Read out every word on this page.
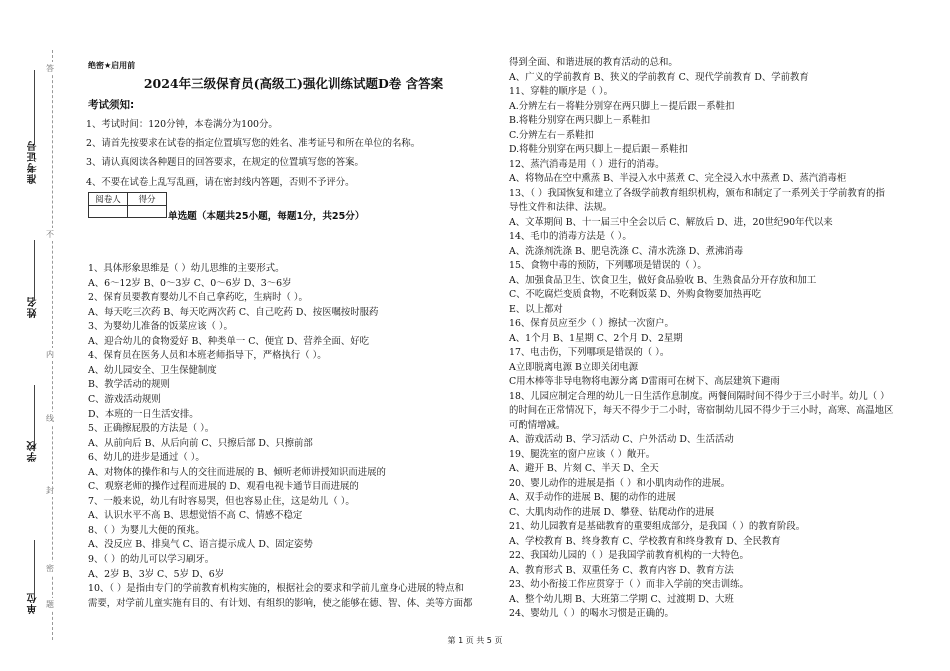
准考证号
姓名
学校
单位
答
不
内
线
封
密
题
绝密★启用前
2024年三级保育员(高级工)强化训练试题D卷 含答案
考试须知:
1、考试时间：120分钟，本卷满分为100分。
2、请首先按要求在试卷的指定位置填写您的姓名、准考证号和所在单位的名称。
3、请认真阅读各种题目的回答要求，在规定的位置填写您的答案。
4、不要在试卷上乱写乱画，请在密封线内答题，否则不予评分。
阅卷人	得分

单选题（本题共25小题，每题1分，共25分）
1、具体形象思维是（ ）幼儿思维的主要形式。
A、6～12岁 B、0～3岁 C、0～6岁 D、3～6岁
2、保育员要教育婴幼儿不自己拿药吃，生病时（ ）。
A、每天吃三次药 B、每天吃两次药 C、自己吃药 D、按医嘱按时服药
3、为婴幼儿准备的饭菜应该（ ）。
A、迎合幼儿的食物爱好 B、种类单一 C、便宜 D、营养全面、好吃
4、保育员在医务人员和本班老师指导下，严格执行（ ）。
A、幼儿园安全、卫生保健制度
B、教学活动的规则
C、游戏活动规则
D、本班的一日生活安排。
5、正确擦屁股的方法是（ ）。
A、从前向后 B、从后向前 C、只擦后部 D、只擦前部
6、幼儿的进步是通过（ ）。
A、对物体的操作和与人的交往而进展的 B、倾听老师讲授知识而进展的
C、观察老师的操作过程而进展的 D、观看电视卡通节目而进展的
7、一般来说，幼儿有时容易哭，但也容易止住，这是幼儿（ ）。
A、认识水平不高 B、思想觉悟不高 C、情感不稳定
8、（ ）为婴儿大便的预兆。
A、没反应 B、排臭气 C、语言提示成人 D、固定姿势
9、（ ）的幼儿可以学习刷牙。
A、2岁 B、3岁 C、5岁 D、6岁
10、（ ）是指由专门的学前教育机构实施的，根据社会的要求和学前儿童身心进展的特点和
需要，对学前儿童实施有目的、有计划、有组织的影响，使之能够在德、智、体、美等方面都
得到全面、和谐进展的教育活动的总和。
A、广义的学前教育 B、狭义的学前教育 C、现代学前教育 D、学前教育
11、穿鞋的顺序是（ ）。
A.分辨左右－将鞋分别穿在两只脚上－提后跟－系鞋扣
B.将鞋分别穿在两只脚上－系鞋扣
C.分辨左右－系鞋扣
D.将鞋分别穿在两只脚上－提后跟－系鞋扣
12、蒸汽消毒是用（ ）进行的消毒。
A、将物品在空中熏蒸 B、半浸入水中蒸煮 C、完全浸入水中蒸煮 D、蒸汽消毒柜
13、（ ）我国恢复和建立了各级学前教育组织机构，颁布和制定了一系列关于学前教育的指
导性文件和法律、法规。
A、文革期间 B、十一届三中全会以后 C、解放后 D、进，20世纪90年代以来
14、毛巾的消毒方法是（ ）。
A、洗涤剂洗涤 B、肥皂洗涤 C、清水洗涤 D、煮沸消毒
15、食物中毒的预防，下列哪项是错误的（ ）。
A、加强食品卫生、饮食卫生，做好食品验收 B、生熟食品分开存放和加工
C、不吃腐烂变质食物，不吃剩饭菜 D、外购食物要加热再吃
E、以上都对
16、保育员应至少（ ）擦拭一次窗户。
A、1个月 B、1星期 C、2个月 D、2星期
17、电击伤，下列哪项是错误的（ ）。
A立即脱离电源 B立即关闭电源
C用木棒等非导电物将电源分离 D雷雨可在树下、高层建筑下避雨
18、儿园应制定合理的幼儿一日生活作息制度。两餐间隔时间不得少于三小时半。幼儿（ ）
的时间在正常情况下，每天不得少于二小时，寄宿制幼儿园不得少于三小时，高寒、高温地区
可酌情增减。
A、游戏活动 B、学习活动 C、户外活动 D、生活活动
19、腿洗室的窗户应该（ ）敞开。
A、避开 B、片刻 C、半天 D、全天
20、婴儿动作的进展是指（ ）和小肌肉动作的进展。
A、双手动作的进展 B、腿的动作的进展
C、大肌肉动作的进展 D、攀登、钻爬动作的进展
21、幼儿园教育是基础教育的重要组成部分，是我国（ ）的教育阶段。
A、学校教育 B、终身教育 C、学校教育和终身教育 D、全民教育
22、我国幼儿园的（ ）是我国学前教育机构的一大特色。
A、教育形式 B、双重任务 C、教育内容 D、教育方法
23、幼小衔接工作应贯穿于（ ）而非入学前的突击训练。
A、整个幼儿期 B、大班第二学期 C、过渡期 D、大班
24、婴幼儿（ ）的喝水习惯是正确的。
第 1 页 共 5 页
